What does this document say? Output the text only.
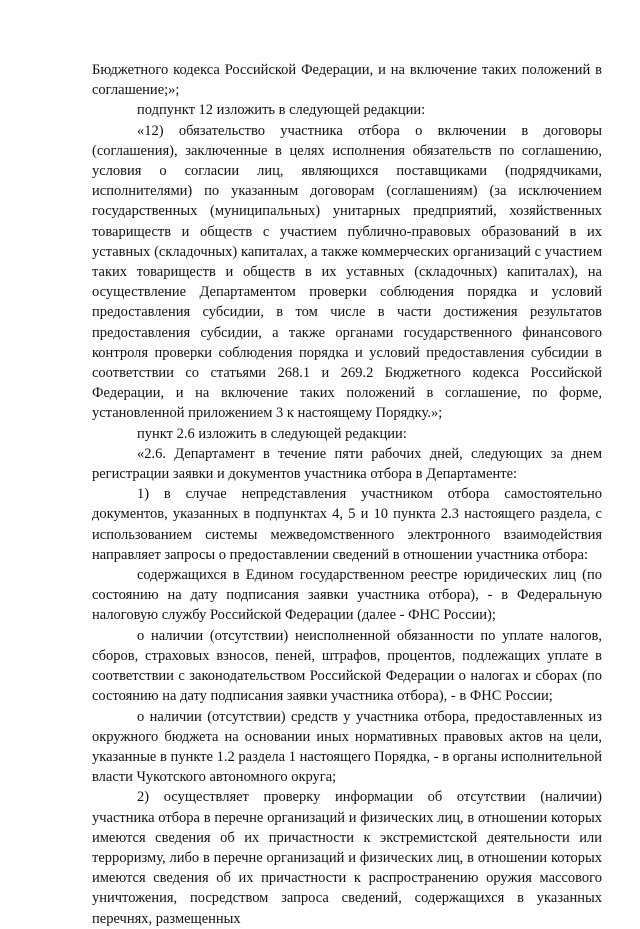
Бюджетного кодекса Российской Федерации, и на включение таких положений в соглашение;»;

подпункт 12 изложить в следующей редакции:

«12) обязательство участника отбора о включении в договоры (соглашения), заключенные в целях исполнения обязательств по соглашению, условия о согласии лиц, являющихся поставщиками (подрядчиками, исполнителями) по указанным договорам (соглашениям) (за исключением государственных (муниципальных) унитарных предприятий, хозяйственных товариществ и обществ с участием публично-правовых образований в их уставных (складочных) капиталах, а также коммерческих организаций с участием таких товариществ и обществ в их уставных (складочных) капиталах), на осуществление Департаментом проверки соблюдения порядка и условий предоставления субсидии, в том числе в части достижения результатов предоставления субсидии, а также органами государственного финансового контроля проверки соблюдения порядка и условий предоставления субсидии в соответствии со статьями 268.1 и 269.2 Бюджетного кодекса Российской Федерации, и на включение таких положений в соглашение, по форме, установленной приложением 3 к настоящему Порядку.»;

пункт 2.6 изложить в следующей редакции:

«2.6. Департамент в течение пяти рабочих дней, следующих за днем регистрации заявки и документов участника отбора в Департаменте:

1) в случае непредставления участником отбора самостоятельно документов, указанных в подпунктах 4, 5 и 10 пункта 2.3 настоящего раздела, с использованием системы межведомственного электронного взаимодействия направляет запросы о предоставлении сведений в отношении участника отбора:

содержащихся в Едином государственном реестре юридических лиц (по состоянию на дату подписания заявки участника отбора), - в Федеральную налоговую службу Российской Федерации (далее - ФНС России);

о наличии (отсутствии) неисполненной обязанности по уплате налогов, сборов, страховых взносов, пеней, штрафов, процентов, подлежащих уплате в соответствии с законодательством Российской Федерации о налогах и сборах (по состоянию на дату подписания заявки участника отбора), - в ФНС России;

о наличии (отсутствии) средств у участника отбора, предоставленных из окружного бюджета на основании иных нормативных правовых актов на цели, указанные в пункте 1.2 раздела 1 настоящего Порядка, - в органы исполнительной власти Чукотского автономного округа;

2) осуществляет проверку информации об отсутствии (наличии) участника отбора в перечне организаций и физических лиц, в отношении которых имеются сведения об их причастности к экстремистской деятельности или терроризму, либо в перечне организаций и физических лиц, в отношении которых имеются сведения об их причастности к распространению оружия массового уничтожения, посредством запроса сведений, содержащихся в указанных перечнях, размещенных
